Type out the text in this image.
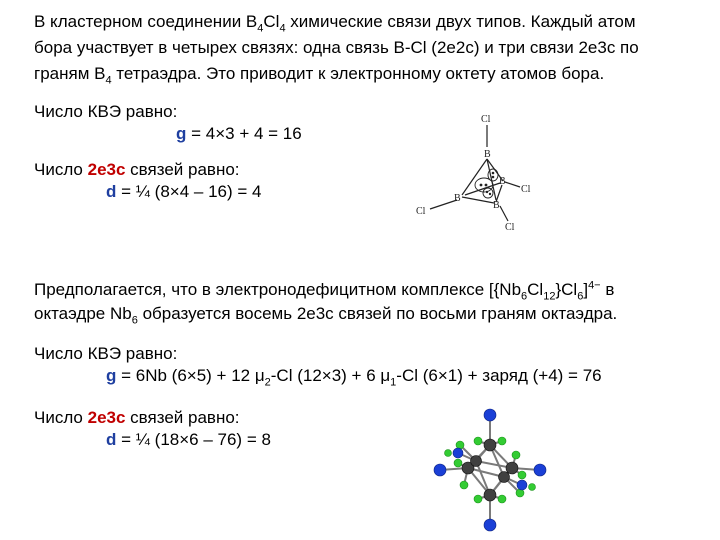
В кластерном соединении $B_4Cl_4$ химические связи двух типов. Каждый атом
бора участвует в четырех связях: одна связь B-Cl (2e2c) и три связи 2e3c по
граням $B_4$ тетраэдра. Это приводит к электронному октету атомов бора.
Число КВЭ равно:
g = 4×3 + 4 = 16
Число 2е3с связей равно:
d = ¼ (8×4 – 16) = 4
Cl
B
B
B
B
Cl
Cl
Cl
Предполагается, что в электронодефицитном комплексе $[\{Nb_6Cl_{12}\}Cl_6]^{4-}$ в
октаэдре $Nb_6$ образуется восемь 2e3c связей по восьми граням октаэдра.
Число КВЭ равно:
g = 6Nb (6×5) + 12 $\mu_2-Cl$ (12×3) + 6 $\mu_1-Cl$ (6×1) + заряд (+4) = 76
Число 2е3с связей равно:
d = ¼ (18×6 – 76) = 8
